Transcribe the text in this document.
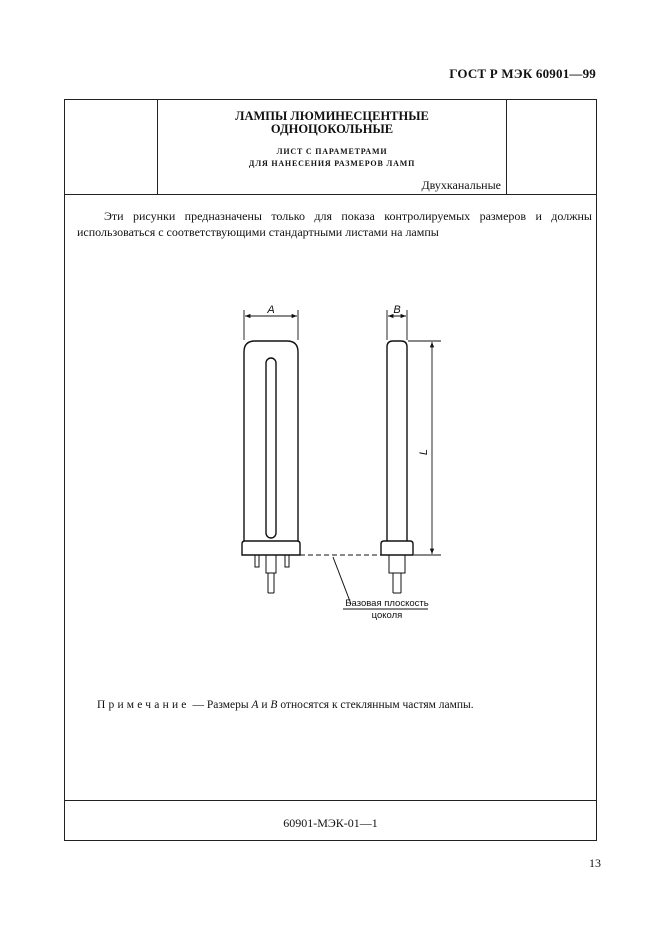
ГОСТ Р МЭК 60901—99
ЛАМПЫ ЛЮМИНЕСЦЕНТНЫЕ
ОДНОЦОКОЛЬНЫЕ
ЛИСТ С ПАРАМЕТРАМИ
ДЛЯ НАНЕСЕНИЯ РАЗМЕРОВ ЛАМП
Двухканальные
Эти рисунки предназначены только для показа контролируемых размеров и должны использоваться с соответствующими стандартными листами на лампы
A	B
L
Базовая плоскость
цоколя
Примечание — Размеры A и B относятся к стеклянным частям лампы.
60901-МЭК-01—1
13
